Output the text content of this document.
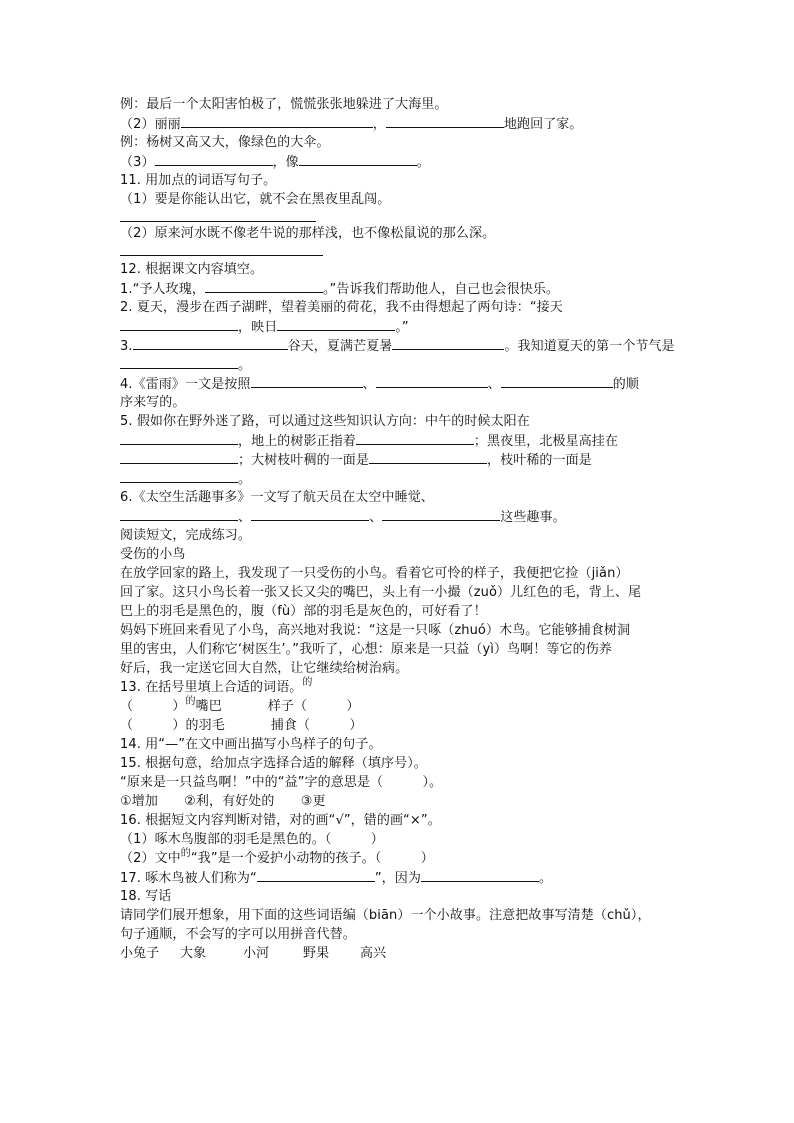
例：最后一个太阳害怕极了，慌慌张张地躲进了大海里。
（2）丽丽	，	地跑回了家。
例：杨树又高又大，像绿色的大伞。
（3）	，像	。
11. 用加点的词语写句子。
（1）要是你能认出它，就不会在黑夜里乱闯。
（2）原来河水既不像老牛说的那样浅，也不像松鼠说的那么深。
12. 根据课文内容填空。
1.“予人玫瑰，	。”告诉我们帮助他人，自己也会很快乐。
2. 夏天，漫步在西子湖畔，望着美丽的荷花，我不由得想起了两句诗：“接天
，映日	。”
3.	谷天，夏满芒夏暑	。我知道夏天的第一个节气是
。
4.《雷雨》一文是按照	、	、	的顺
序来写的。
5. 假如你在野外迷了路，可以通过这些知识认方向：中午的时候太阳在
，地上的树影正指着	；黑夜里，北极星高挂在
；大树枝叶稠的一面是	，枝叶稀的一面是
。
6.《太空生活趣事多》一文写了航天员在太空中睡觉、
、	、	这些趣事。
阅读短文，完成练习。
受伤的小鸟
在放学回家的路上，我发现了一只受伤的小鸟。看着它可怜的样子，我便把它捡（jiǎn）
回了家。这只小鸟长着一张又长又尖的嘴巴，头上有一小撮（zuǒ）儿红色的毛，背上、尾
巴上的羽毛是黑色的，腹（fù）部的羽毛是灰色的，可好看了！
妈妈下班回来看见了小鸟，高兴地对我说：“这是一只啄（zhuó）木鸟。它能够捕食树洞
里的害虫，人们称它‘树医生’。”我听了，心想：原来是一只益（yì）鸟啊！等它的伤养
好后，我一定送它回大自然，让它继续给树治病。
13. 在括号里填上合适的词语。$^的$
（　　　）$^的$嘴巴	样子（　　　）
（　　　）的羽毛	捕食（　　　）
14. 用“—”在文中画出描写小鸟样子的句子。
15. 根据句意，给加点字选择合适的解释（填序号）。
“原来是一只益鸟啊！”中的“益”字的意思是（　　　）。
①增加　　②利，有好处的　　③更
16. 根据短文内容判断对错，对的画“√”，错的画“×”。
（1）啄木鸟腹部的羽毛是黑色的。（　　　）
（2）文中$^的$“我”是一个爱护小动物的孩子。（　　　）
17. 啄木鸟被人们称为“	”，因为	。
18. 写话
请同学们展开想象，用下面的这些词语编（biān）一个小故事。注意把故事写清楚（chǔ），
句子通顺，不会写的字可以用拼音代替。
小兔子 大象	小河	野果 高兴
